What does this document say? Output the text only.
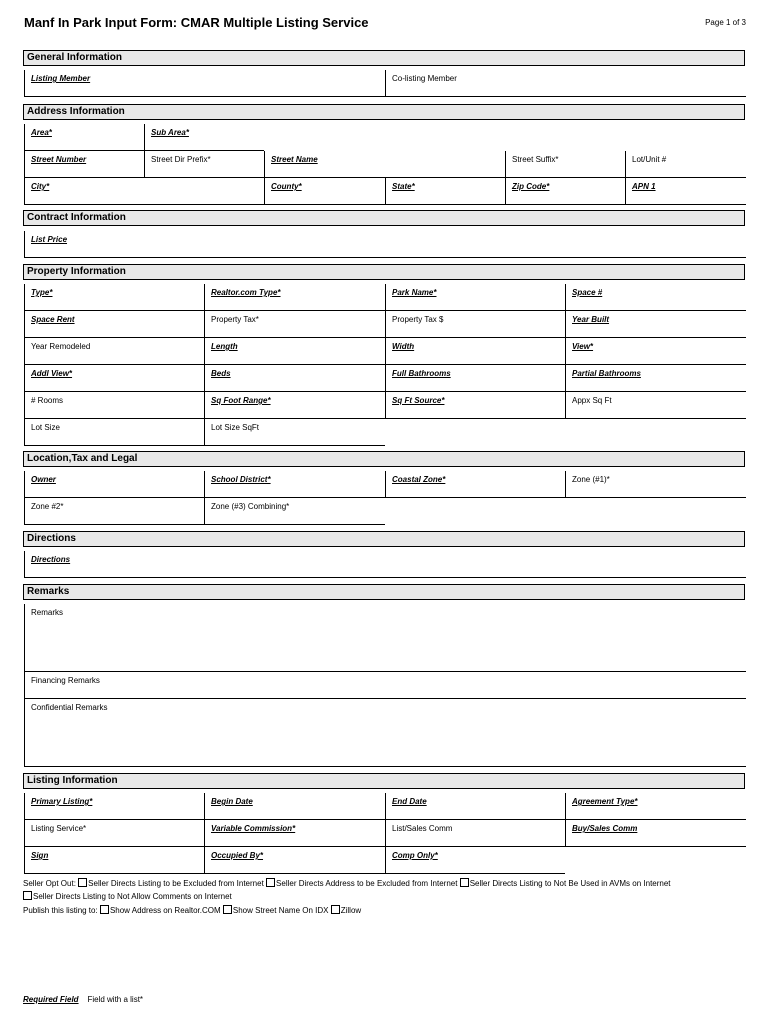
Manf In Park Input Form: CMAR Multiple Listing Service	Page 1 of 3
General Information
Listing Member	Co-listing Member
Address Information
Area*	Sub Area*
Street Number	Street Dir Prefix*	Street Name	Street Suffix*	Lot/Unit #
City*	County*	State*	Zip Code*	APN 1
Contract Information
List Price
Property Information
Type*	Realtor.com Type*	Park Name*	Space #
Space Rent	Property Tax*	Property Tax $	Year Built
Year Remodeled	Length	Width	View*
Addl View*	Beds	Full Bathrooms	Partial Bathrooms
# Rooms	Sq Foot Range*	Sq Ft Source*	Appx Sq Ft
Lot Size	Lot Size SqFt
Location,Tax and Legal
Owner	School District*	Coastal Zone*	Zone (#1)*
Zone #2*	Zone (#3) Combining*
Directions
Directions
Remarks
Remarks
Financing Remarks
Confidential Remarks
Listing Information
Primary Listing*	Begin Date	End Date	Agreement Type*
Listing Service*	Variable Commission*	List/Sales Comm	Buy/Sales Comm
Sign	Occupied By*	Comp Only*
Seller Opt Out: Seller Directs Listing to be Excluded from Internet Seller Directs Address to be Excluded from Internet Seller Directs Listing to Not Be Used in AVMs on Internet
Seller Directs Listing to Not Allow Comments on Internet
Publish this listing to: Show Address on Realtor.COM Show Street Name On IDX Zillow
Required Field Field with a list*
